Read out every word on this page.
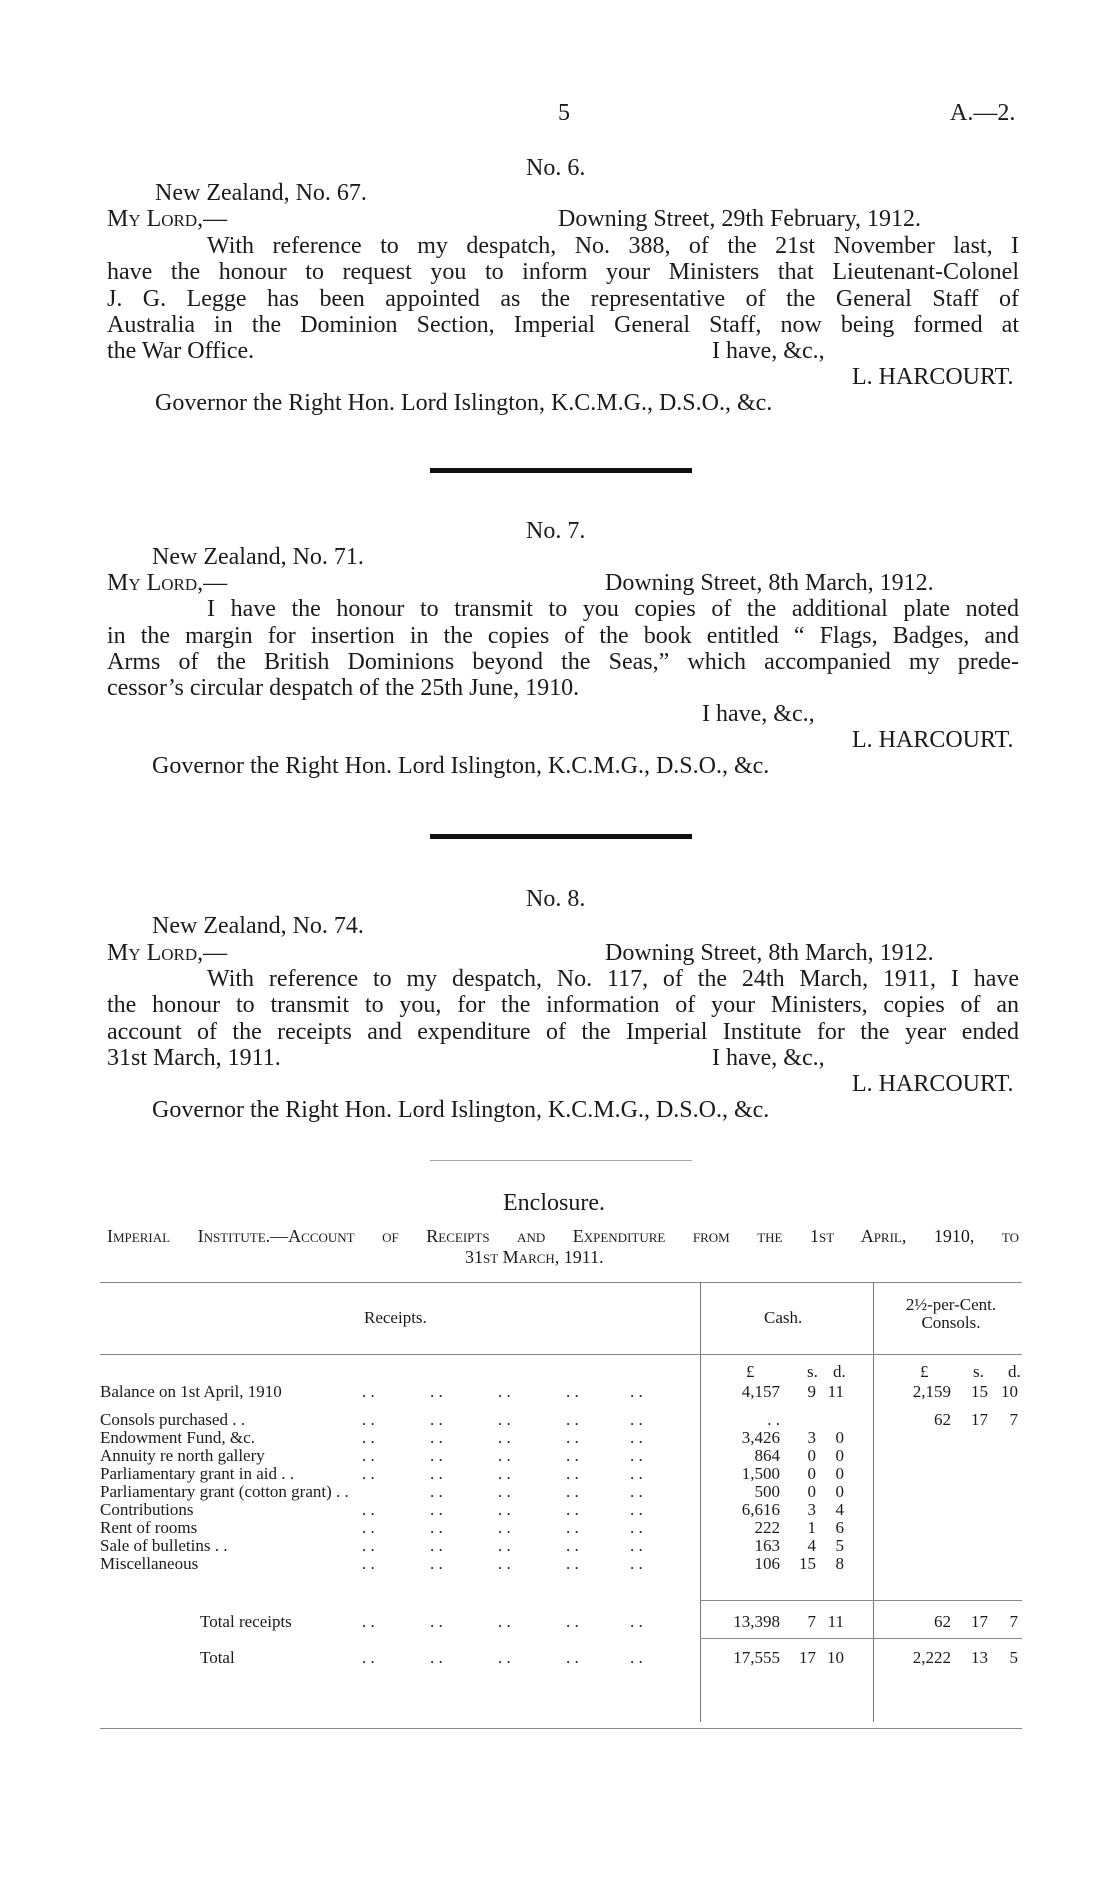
5	A.—2.
No. 6.
New Zealand, No. 67.
My Lord,—	Downing Street, 29th February, 1912.
With reference to my despatch, No. 388, of the 21st November last, I
have the honour to request you to inform your Ministers that Lieutenant-Colonel
J. G. Legge has been appointed as the representative of the General Staff of
Australia in the Dominion Section, Imperial General Staff, now being formed at
the War Office.	I have, &c.,
L. HARCOURT.
Governor the Right Hon. Lord Islington, K.C.M.G., D.S.O., &c.
No. 7.
New Zealand, No. 71.
My Lord,—	Downing Street, 8th March, 1912.
I have the honour to transmit to you copies of the additional plate noted
in the margin for insertion in the copies of the book entitled “ Flags, Badges, and
Arms of the British Dominions beyond the Seas,” which accompanied my prede-
cessor’s circular despatch of the 25th June, 1910.
I have, &c.,
L. HARCOURT.
Governor the Right Hon. Lord Islington, K.C.M.G., D.S.O., &c.
No. 8.
New Zealand, No. 74.
My Lord,—	Downing Street, 8th March, 1912.
With reference to my despatch, No. 117, of the 24th March, 1911, I have
the honour to transmit to you, for the information of your Ministers, copies of an
account of the receipts and expenditure of the Imperial Institute for the year ended
31st March, 1911.	I have, &c.,
L. HARCOURT.
Governor the Right Hon. Lord Islington, K.C.M.G., D.S.O., &c.
Enclosure.
Imperial Institute.—Account of Receipts and Expenditure from the 1st April, 1910, to
31st March, 1911.
Receipts.	Cash.
2½-per-Cent. Consols.
£	s. d.	£	s. d.
Balance on 1st April, 1910	. .	. .	. .	. .	. .	4,157	9 11	2,159	15 10
Consols purchased . .	. .	. .	. .	. .	. .	. .	62	17	7
Endowment Fund, &c.	. .	. .	. .	. .	. .	3,426	3	0
Annuity re north gallery	. .	. .	. .	. .	. .	864	0	0
Parliamentary grant in aid . .	. .	. .	. .	. .	. .	1,500	0	0
Parliamentary grant (cotton grant) . .	. .	. .	. .	. .	500	0	0
Contributions	. .	. .	. .	. .	. .	6,616	3	4
Rent of rooms	. .	. .	. .	. .	. .	222	1	6
Sale of bulletins . .	. .	. .	. .	. .	. .	163	4	5
Miscellaneous	. .	. .	. .	. .	. .	106	15	8
Total receipts	. .	. .	. .	. .	. .	13,398	7 11	62	17	7
Total	. .	. .	. .	. .	. .	17,555	17 10	2,222	13	5
